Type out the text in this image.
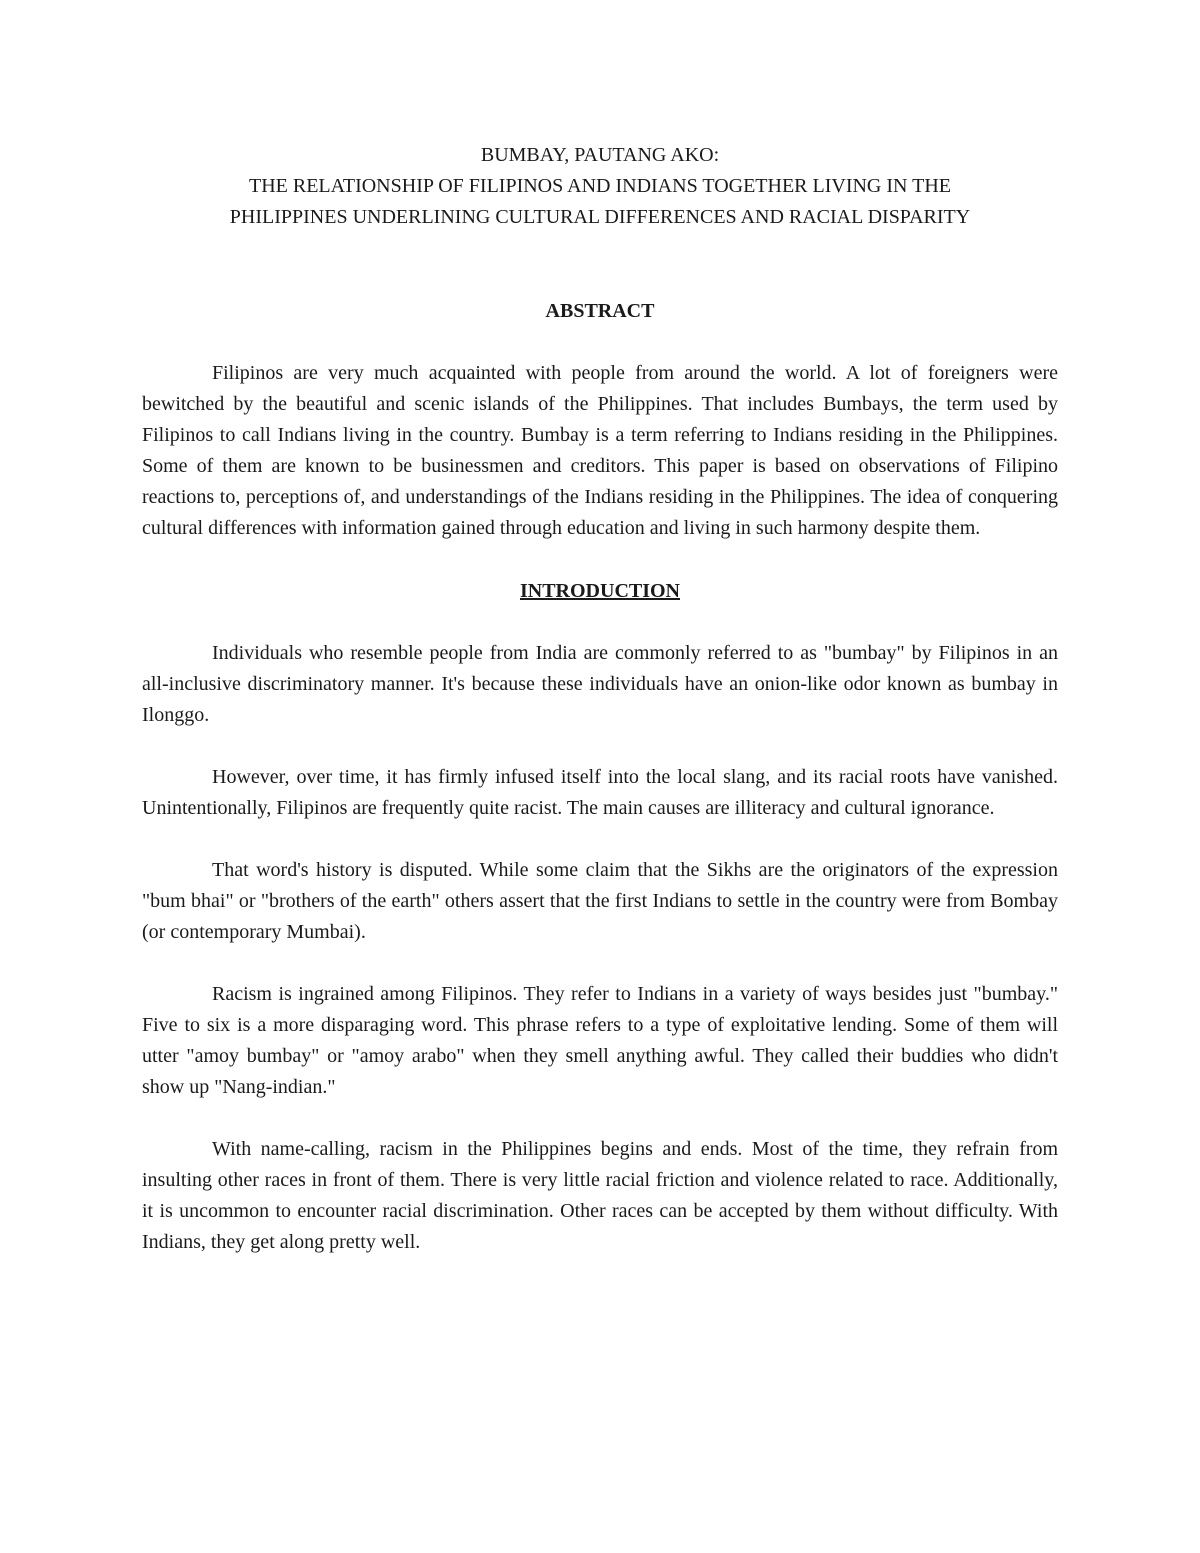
BUMBAY, PAUTANG AKO:
THE RELATIONSHIP OF FILIPINOS AND INDIANS TOGETHER LIVING IN THE
PHILIPPINES UNDERLINING CULTURAL DIFFERENCES AND RACIAL DISPARITY
ABSTRACT

Filipinos are very much acquainted with people from around the world. A lot of foreigners were bewitched by the beautiful and scenic islands of the Philippines. That includes Bumbays, the term used by Filipinos to call Indians living in the country. Bumbay is a term referring to Indians residing in the Philippines. Some of them are known to be businessmen and creditors. This paper is based on observations of Filipino reactions to, perceptions of, and understandings of the Indians residing in the Philippines. The idea of conquering cultural differences with information gained through education and living in such harmony despite them.

INTRODUCTION

Individuals who resemble people from India are commonly referred to as "bumbay" by Filipinos in an all-inclusive discriminatory manner. It's because these individuals have an onion-like odor known as bumbay in Ilonggo.

However, over time, it has firmly infused itself into the local slang, and its racial roots have vanished. Unintentionally, Filipinos are frequently quite racist. The main causes are illiteracy and cultural ignorance.

That word's history is disputed. While some claim that the Sikhs are the originators of the expression "bum bhai" or "brothers of the earth" others assert that the first Indians to settle in the country were from Bombay (or contemporary Mumbai).

Racism is ingrained among Filipinos. They refer to Indians in a variety of ways besides just "bumbay." Five to six is a more disparaging word. This phrase refers to a type of exploitative lending. Some of them will utter "amoy bumbay" or "amoy arabo" when they smell anything awful. They called their buddies who didn't show up "Nang-indian."

With name-calling, racism in the Philippines begins and ends. Most of the time, they refrain from insulting other races in front of them. There is very little racial friction and violence related to race. Additionally, it is uncommon to encounter racial discrimination. Other races can be accepted by them without difficulty. With Indians, they get along pretty well.
